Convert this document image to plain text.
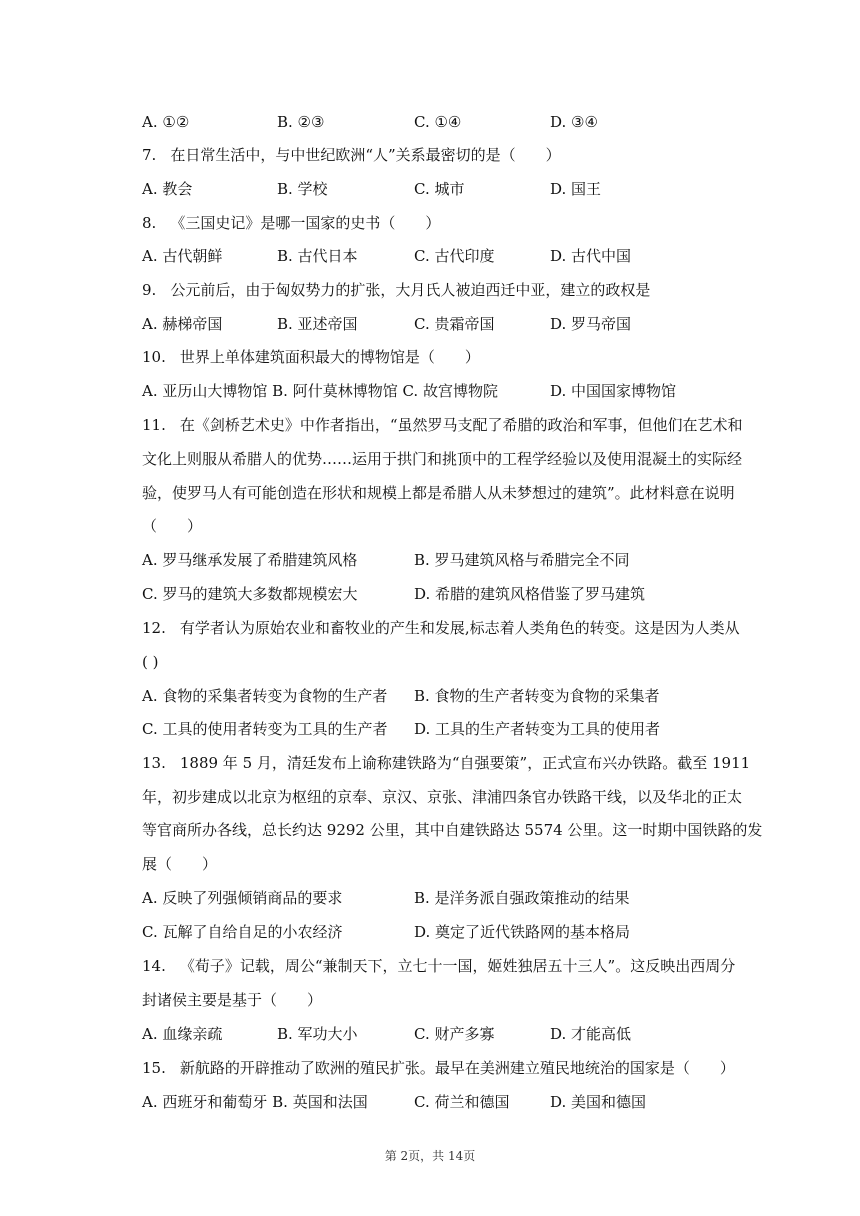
A. ①②	B. ②③	C. ①④	D. ③④
7. 在日常生活中，与中世纪欧洲“人”关系最密切的是（　　）
A. 教会	B. 学校	C. 城市	D. 国王
8. 《三国史记》是哪一国家的史书（　　）
A. 古代朝鲜	B. 古代日本	C. 古代印度	D. 古代中国
9. 公元前后，由于匈奴势力的扩张，大月氏人被迫西迁中亚，建立的政权是
A. 赫梯帝国	B. 亚述帝国	C. 贵霜帝国	D. 罗马帝国
10. 世界上单体建筑面积最大的博物馆是（　　）
A. 亚历山大博物馆 B. 阿什莫林博物馆 C. 故宫博物院	D. 中国国家博物馆
11. 在《剑桥艺术史》中作者指出，“虽然罗马支配了希腊的政治和军事，但他们在艺术和
文化上则服从希腊人的优势……运用于拱门和挑顶中的工程学经验以及使用混凝土的实际经
验，使罗马人有可能创造在形状和规模上都是希腊人从未梦想过的建筑”。此材料意在说明
（　　）
A. 罗马继承发展了希腊建筑风格	B. 罗马建筑风格与希腊完全不同
C. 罗马的建筑大多数都规模宏大	D. 希腊的建筑风格借鉴了罗马建筑
12. 有学者认为原始农业和畜牧业的产生和发展,标志着人类角色的转变。这是因为人类从
( )
A. 食物的采集者转变为食物的生产者 B. 食物的生产者转变为食物的采集者
C. 工具的使用者转变为工具的生产者 D. 工具的生产者转变为工具的使用者
13. 1889 年 5 月，清廷发布上谕称建铁路为“自强要策”，正式宣布兴办铁路。截至 1911
年，初步建成以北京为枢纽的京奉、京汉、京张、津浦四条官办铁路干线，以及华北的正太
等官商所办各线，总长约达 9292 公里，其中自建铁路达 5574 公里。这一时期中国铁路的发
展（　　）
A. 反映了列强倾销商品的要求	B. 是洋务派自强政策推动的结果
C. 瓦解了自给自足的小农经济	D. 奠定了近代铁路网的基本格局
14. 《荀子》记载，周公“兼制天下，立七十一国，姬姓独居五十三人”。这反映出西周分
封诸侯主要是基于（　　）
A. 血缘亲疏	B. 军功大小	C. 财产多寡	D. 才能高低
15. 新航路的开辟推动了欧洲的殖民扩张。最早在美洲建立殖民地统治的国家是（　　）
A. 西班牙和葡萄牙 B. 英国和法国	C. 荷兰和德国	D. 美国和德国
第 2页，共 14页
